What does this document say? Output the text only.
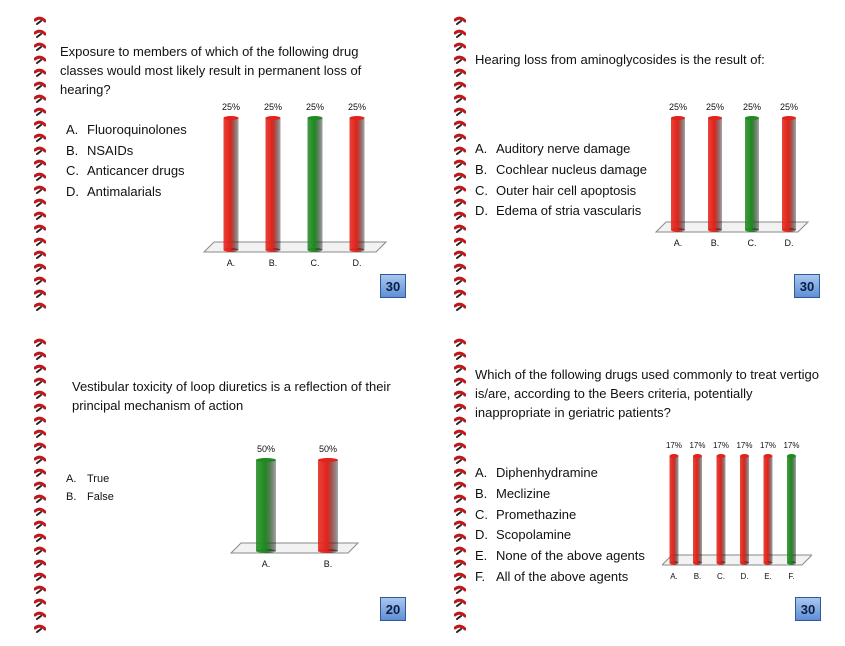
Exposure to members of which of the following drug classes would most likely result in permanent loss of hearing?
A. Fluoroquinolones
B. NSAIDs
C. Anticancer drugs
D. Antimalarials
25%
A.
25%
B.
25%
C.
25%
D.
30
Hearing loss from aminoglycosides is the result of:
A. Auditory nerve damage
B. Cochlear nucleus damage
C. Outer hair cell apoptosis
D. Edema of stria vascularis
25%
A.
25%
B.
25%
C.
25%
D.
30
Vestibular toxicity of loop diuretics is a reflection of their principal mechanism of action
A. True
B. False
50%
A.
50%
B.
20
Which of the following drugs used commonly to treat vertigo is/are, according to the Beers criteria, potentially inappropriate in geriatric patients?
A. Diphenhydramine
B. Meclizine
C. Promethazine
D. Scopolamine
E. None of the above agents
F. All of the above agents
17%
A.
17%
B.
17%
C.
17%
D.
17%
E.
17%
F.
30
